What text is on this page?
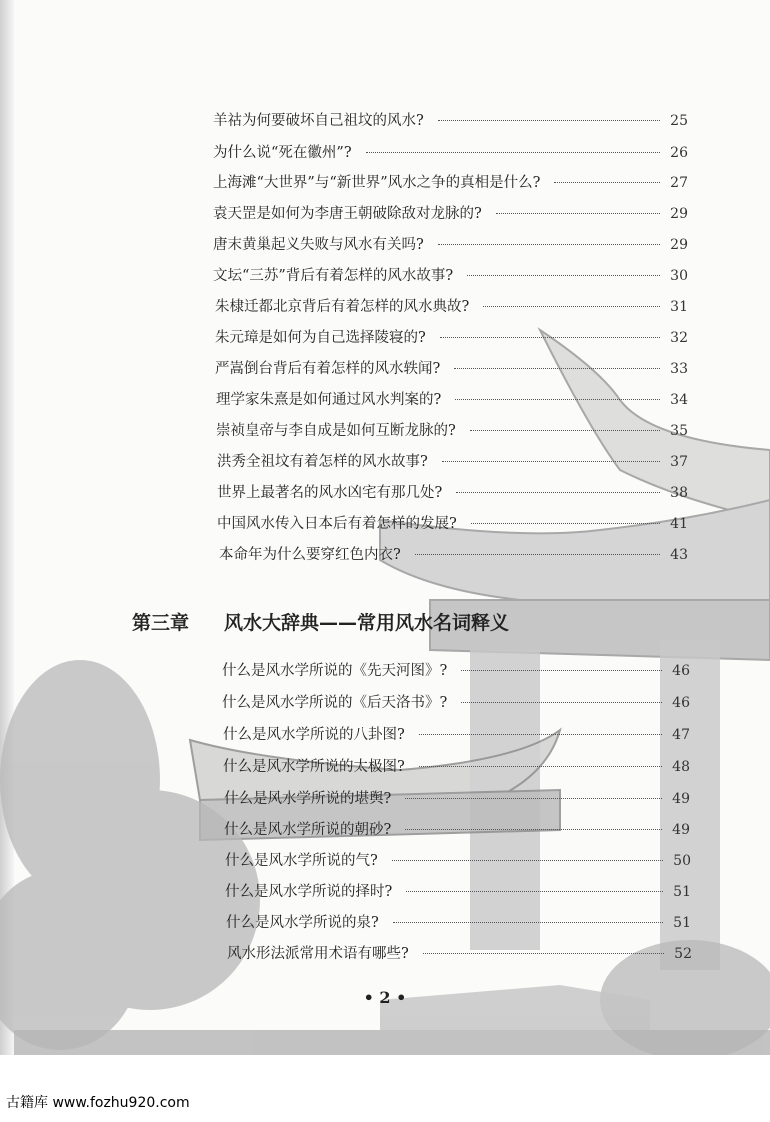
羊祜为何要破坏自己祖坟的风水?	25
为什么说“死在徽州”?	26
上海滩“大世界”与“新世界”风水之争的真相是什么?	27
袁天罡是如何为李唐王朝破除敌对龙脉的?	29
唐末黄巢起义失败与风水有关吗?	29
文坛“三苏”背后有着怎样的风水故事?	30
朱棣迁都北京背后有着怎样的风水典故?	31
朱元璋是如何为自己选择陵寝的?	32
严嵩倒台背后有着怎样的风水轶闻?	33
理学家朱熹是如何通过风水判案的?	34
崇祯皇帝与李自成是如何互断龙脉的?	35
洪秀全祖坟有着怎样的风水故事?	37
世界上最著名的风水凶宅有那几处?	38
中国风水传入日本后有着怎样的发展?	41
本命年为什么要穿红色内衣?	43
第三章	风水大辞典——常用风水名词释义
什么是风水学所说的《先天河图》?	46
什么是风水学所说的《后天洛书》?	46
什么是风水学所说的八卦图?	47
什么是风水学所说的太极图?	48
什么是风水学所说的堪舆?	49
什么是风水学所说的朝砂?	49
什么是风水学所说的气?	50
什么是风水学所说的择时?	51
什么是风水学所说的泉?	51
风水形法派常用术语有哪些?	52
• 2 •
古籍库 www.fozhu920.com
